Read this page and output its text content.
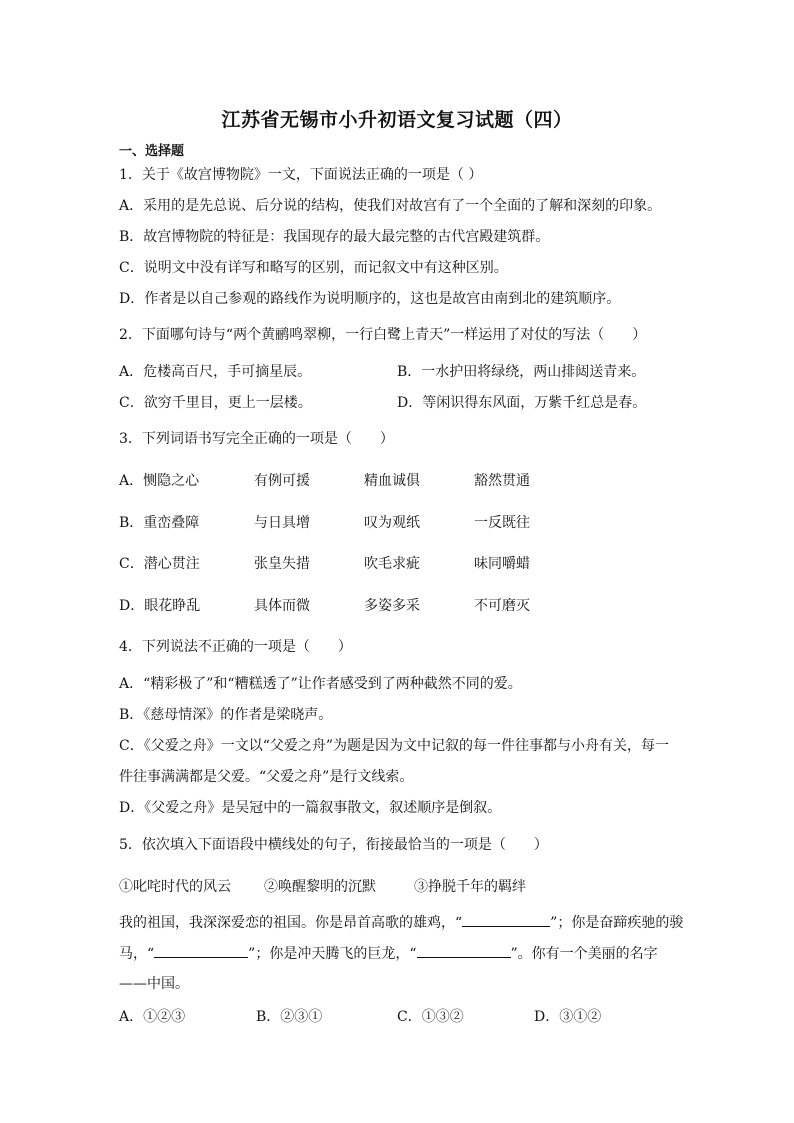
江苏省无锡市小升初语文复习试题（四）
一、选择题
1．关于《故宫博物院》一文，下面说法正确的一项是（ ）
A．采用的是先总说、后分说的结构，使我们对故宫有了一个全面的了解和深刻的印象。
B．故宫博物院的特征是：我国现存的最大最完整的古代宫殿建筑群。
C．说明文中没有详写和略写的区别，而记叙文中有这种区别。
D．作者是以自己参观的路线作为说明顺序的，这也是故宫由南到北的建筑顺序。
2．下面哪句诗与“两个黄鹂鸣翠柳，一行白鹭上青天”一样运用了对仗的写法（　　）
A．危楼高百尺，手可摘星辰。	B．一水护田将绿绕，两山排闼送青来。
C．欲穷千里目，更上一层楼。	D．等闲识得东风面，万紫千红总是春。
3．下列词语书写完全正确的一项是（　　）
A．恻隐之心	有例可援	精血诚俱	豁然贯通
B．重峦叠障	与日具增	叹为观纸	一反既往
C．潜心贯注	张皇失措	吹毛求疵	味同嚼蜡
D．眼花睁乱	具体而微	多姿多采	不可磨灭
4．下列说法不正确的一项是（　　）
A．“精彩极了”和“糟糕透了”让作者感受到了两种截然不同的爱。
B．《慈母情深》的作者是梁晓声。
C．《父爱之舟》一文以“父爱之舟”为题是因为文中记叙的每一件往事都与小舟有关，每一
件往事满满都是父爱。“父爱之舟”是行文线索。
D．《父爱之舟》是吴冠中的一篇叙事散文，叙述顺序是倒叙。
5．依次填入下面语段中横线处的句子，衔接最恰当的一项是（　　）
①叱咤时代的风云 ②唤醒黎明的沉默	③挣脱千年的羁绊
我的祖国，我深深爱恋的祖国。你是昂首高歌的雄鸡，“	”；你是奋蹄疾驰的骏
马，“	”；你是冲天腾飞的巨龙，“	”。你有一个美丽的名字
——中国。
A．①②③	B．②③①	C．①③②	D．③①②
